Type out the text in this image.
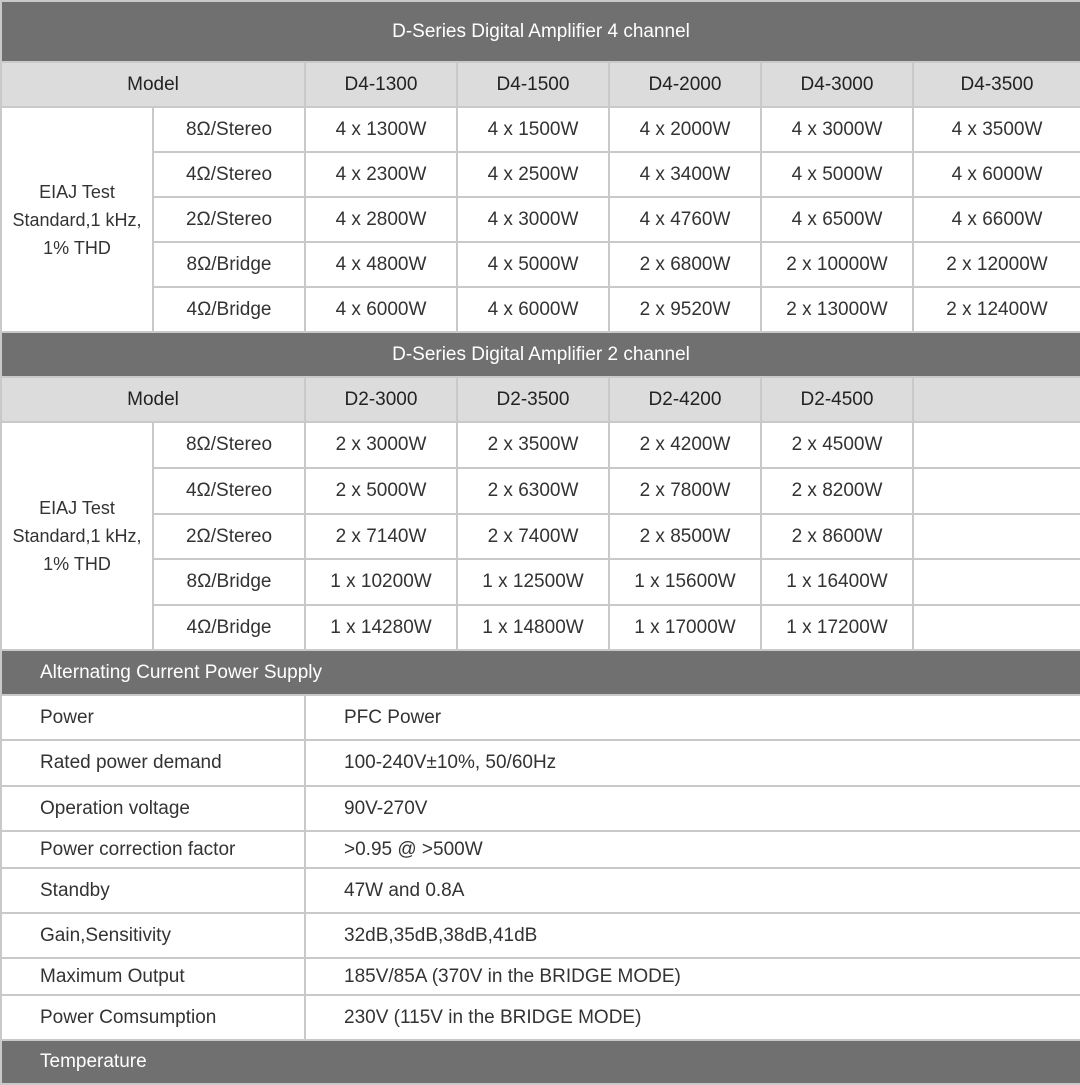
D-Series Digital Amplifier 4 channel						
Model		D4-1300	D4-1500	D4-2000	D4-3000	D4-3500
EIAJ Test Standard,1 kHz, 1% THD	8Ω/Stereo	4 x 1300W	4 x 1500W	4 x 2000W	4 x 3000W	4 x 3500W
	4Ω/Stereo	4 x 2300W	4 x 2500W	4 x 3400W	4 x 5000W	4 x 6000W
	2Ω/Stereo	4 x 2800W	4 x 3000W	4 x 4760W	4 x 6500W	4 x 6600W
	8Ω/Bridge	4 x 4800W	4 x 5000W	2 x 6800W	2 x 10000W	2 x 12000W
	4Ω/Bridge	4 x 6000W	4 x 6000W	2 x 9520W	2 x 13000W	2 x 12400W
D-Series Digital Amplifier 2 channel						
Model		D2-3000	D2-3500	D2-4200	D2-4500	
EIAJ Test Standard,1 kHz, 1% THD	8Ω/Stereo	2 x 3000W	2 x 3500W	2 x 4200W	2 x 4500W	
	4Ω/Stereo	2 x 5000W	2 x 6300W	2 x 7800W	2 x 8200W	
	2Ω/Stereo	2 x 7140W	2 x 7400W	2 x 8500W	2 x 8600W	
	8Ω/Bridge	1 x 10200W	1 x 12500W	1 x 15600W	1 x 16400W	
	4Ω/Bridge	1 x 14280W	1 x 14800W	1 x 17000W	1 x 17200W	
Alternating Current Power Supply						
Power		PFC Power				
Rated power demand		100-240V±10%, 50/60Hz				
Operation voltage		90V-270V				
Power correction factor		>0.95 @ >500W				
Standby		47W and 0.8A				
Gain,Sensitivity		32dB,35dB,38dB,41dB				
Maximum Output		185V/85A (370V in the BRIDGE MODE)				
Power Comsumption		230V (115V in the BRIDGE MODE)				
Temperature						
